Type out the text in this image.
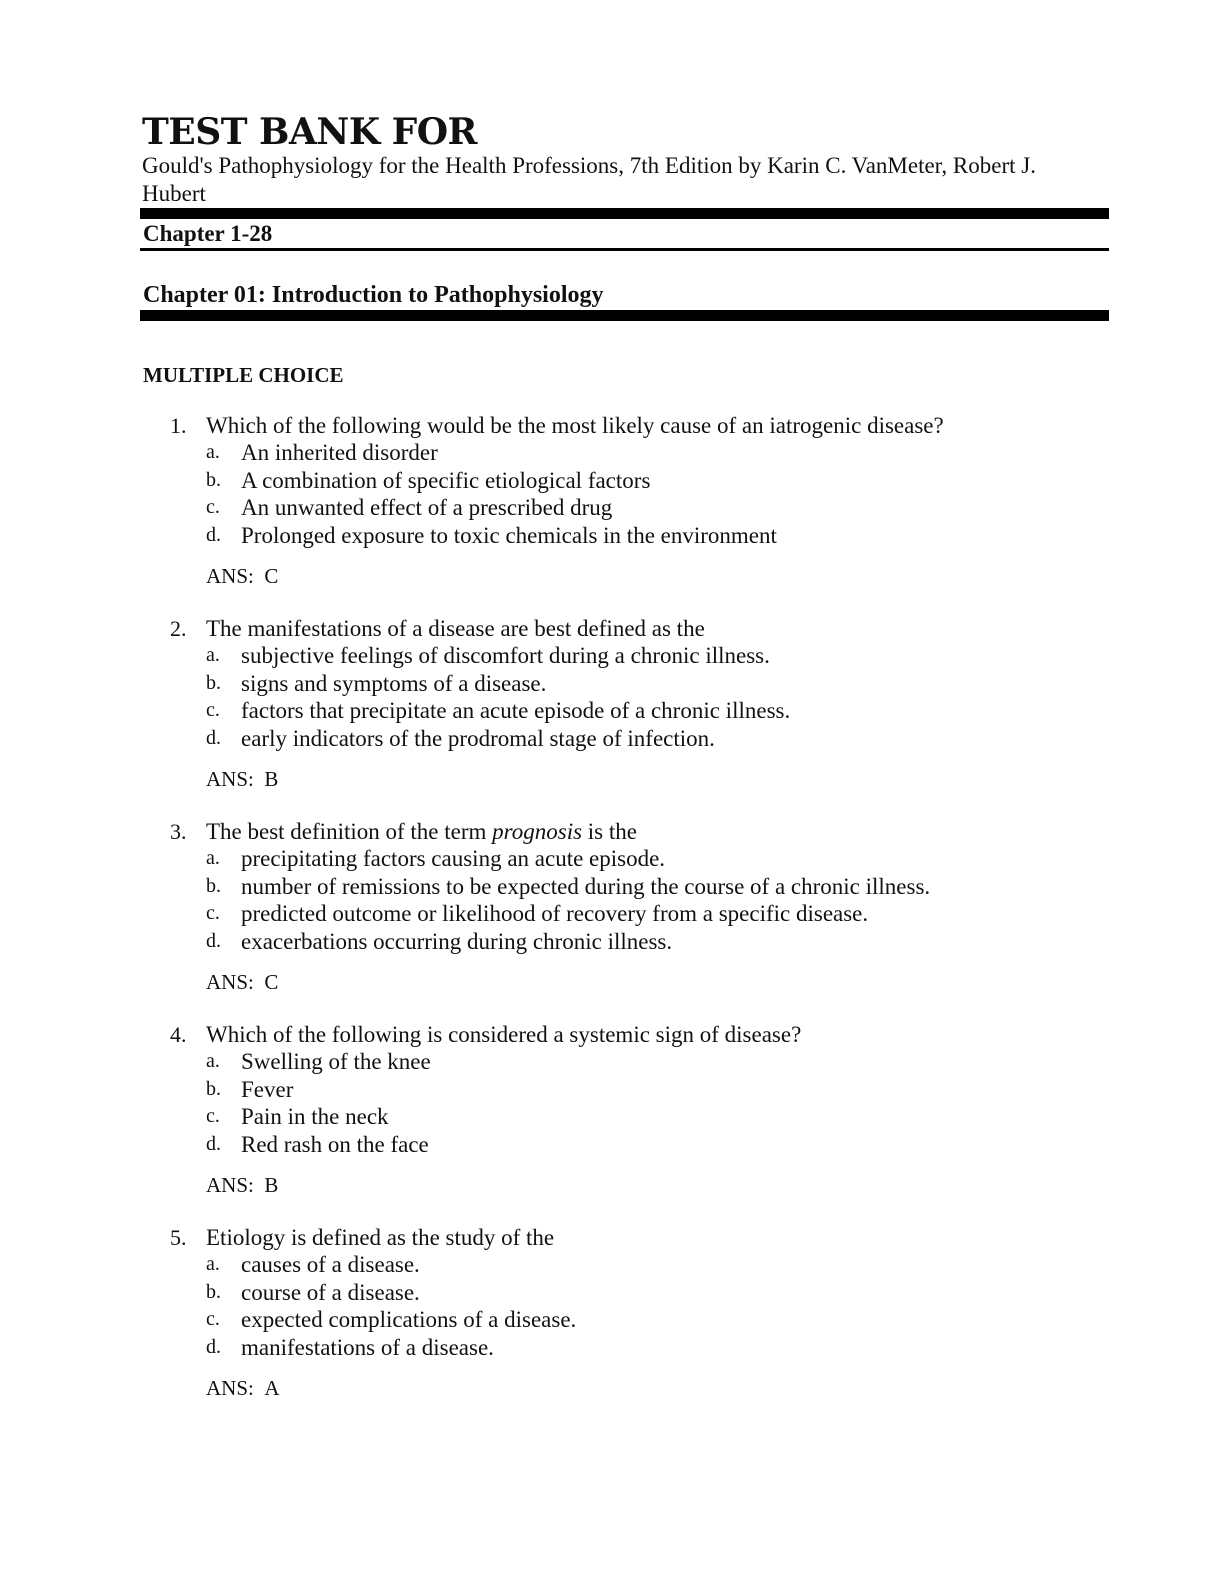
TEST BANK FOR
Gould's Pathophysiology for the Health Professions, 7th Edition by Karin C. VanMeter, Robert J. Hubert
Chapter 1-28
Chapter 01: Introduction to Pathophysiology
MULTIPLE CHOICE
1. Which of the following would be the most likely cause of an iatrogenic disease?
a. An inherited disorder
b. A combination of specific etiological factors
c. An unwanted effect of a prescribed drug
d. Prolonged exposure to toxic chemicals in the environment
ANS: C
2. The manifestations of a disease are best defined as the
a. subjective feelings of discomfort during a chronic illness.
b. signs and symptoms of a disease.
c. factors that precipitate an acute episode of a chronic illness.
d. early indicators of the prodromal stage of infection.
ANS: B
3. The best definition of the term prognosis is the
a. precipitating factors causing an acute episode.
b. number of remissions to be expected during the course of a chronic illness.
c. predicted outcome or likelihood of recovery from a specific disease.
d. exacerbations occurring during chronic illness.
ANS: C
4. Which of the following is considered a systemic sign of disease?
a. Swelling of the knee
b. Fever
c. Pain in the neck
d. Red rash on the face
ANS: B
5. Etiology is defined as the study of the
a. causes of a disease.
b. course of a disease.
c. expected complications of a disease.
d. manifestations of a disease.
ANS: A
